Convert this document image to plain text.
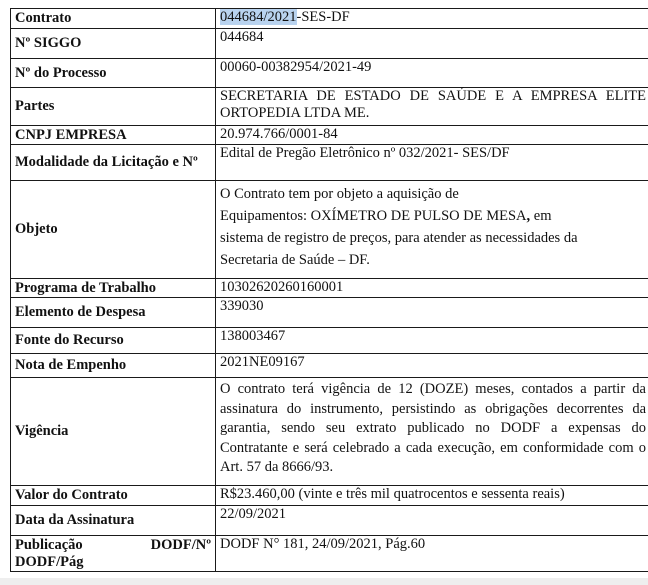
Contrato	044684/2021-SES-DF
Nº SIGGO	044684
Nº do Processo	00060-00382954/2021-49
Partes	SECRETARIA DE ESTADO DE SAÚDE E A EMPRESA ELITE ORTOPEDIA LTDA ME.
CNPJ EMPRESA	20.974.766/0001-84
Modalidade da Licitação e Nº	Edital de Pregão Eletrônico nº 032/2021- SES/DF
Objeto	O Contrato tem por objeto a aquisição de
Equipamentos: OXÍMETRO DE PULSO DE MESA, em
sistema de registro de preços, para atender as necessidades da
Secretaria de Saúde – DF.

Programa de Trabalho	10302620260160001
Elemento de Despesa	339030
Fonte do Recurso	138003467
Nota de Empenho	2021NE09167
Vigência	O contrato terá vigência de 12 (DOZE) meses, contados a partir da assinatura do instrumento, persistindo as obrigações decorrentes da garantia, sendo seu extrato publicado no DODF a expensas do Contratante e será celebrado a cada execução, em conformidade com o Art. 57 da 8666/93.
Valor do Contrato	R$23.460,00 (vinte e três mil quatrocentos e sessenta reais)
Data da Assinatura	22/09/2021

Publicação DODF/Nº
DODF/Pág	DODF N° 181, 24/09/2021, Pág.60
